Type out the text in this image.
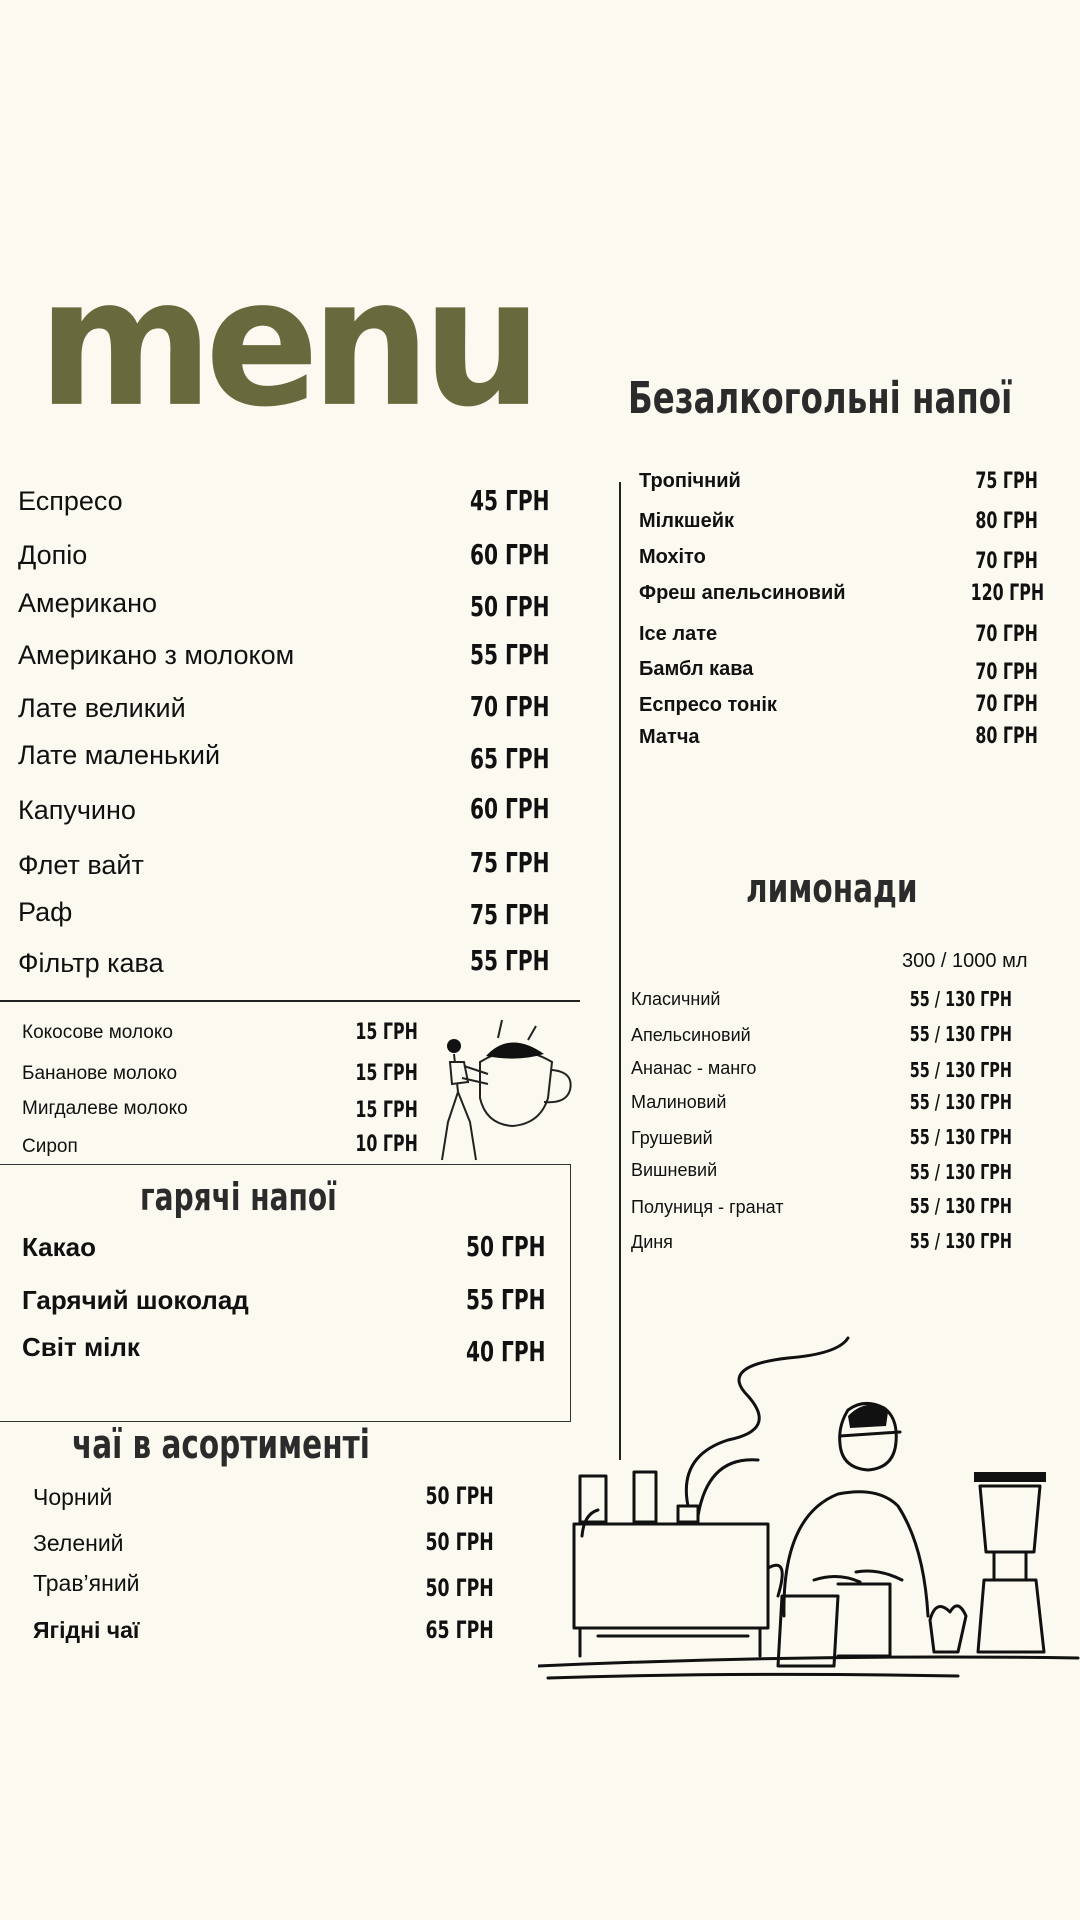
menu
Еспресо	45 ГРН
Допіо	60 ГРН
Американо	50 ГРН
Американо з молоком	55 ГРН
Лате великий	70 ГРН
Лате маленький	65 ГРН
Капучино	60 ГРН
Флет вайт	75 ГРН
Раф	75 ГРН
Фільтр кава	55 ГРН
Кокосове молоко	15 ГРН
Бананове молоко	15 ГРН
Мигдалеве молоко	15 ГРН
Сироп	10 ГРН
гарячі напої
Какао	50 ГРН
Гарячий шоколад	55 ГРН
Світ мілк	40 ГРН
чаї в асортименті
Чорний	50 ГРН
Зелений	50 ГРН
Трав’яний	50 ГРН
Ягідні чаї	65 ГРН
Безалкогольні напої
Тропічний	75 ГРН
Мілкшейк	80 ГРН
Мохіто	70 ГРН
Фреш апельсиновий	120 ГРН
Іce лате	70 ГРН
Бамбл кава	70 ГРН
Еспресо тонік	70 ГРН
Матча	80 ГРН
лимонади
300 / 1000 мл
Класичний	55 / 130 ГРН
Апельсиновий	55 / 130 ГРН
Ананас - манго	55 / 130 ГРН
Малиновий	55 / 130 ГРН
Грушевий	55 / 130 ГРН
Вишневий	55 / 130 ГРН
Полуниця - гранат	55 / 130 ГРН
Диня	55 / 130 ГРН
